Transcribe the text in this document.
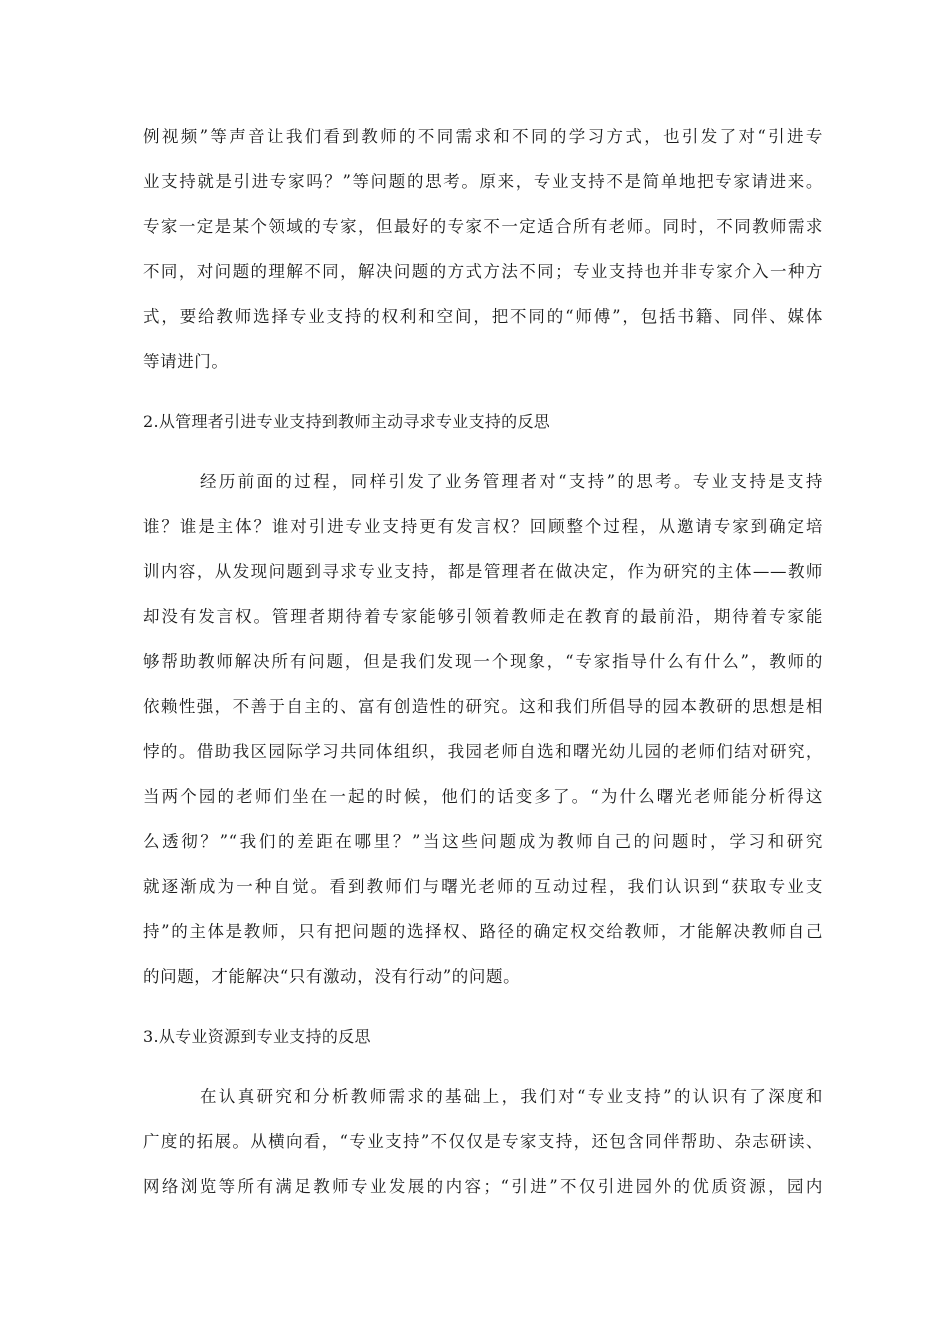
例视频”等声音让我们看到教师的不同需求和不同的学习方式，也引发了对“引进专
业支持就是引进专家吗？”等问题的思考。原来，专业支持不是简单地把专家请进来。
专家一定是某个领域的专家，但最好的专家不一定适合所有老师。同时，不同教师需求
不同，对问题的理解不同，解决问题的方式方法不同；专业支持也并非专家介入一种方
式，要给教师选择专业支持的权利和空间，把不同的“师傅”，包括书籍、同伴、媒体
等请进门。
2.从管理者引进专业支持到教师主动寻求专业支持的反思
经历前面的过程，同样引发了业务管理者对“支持”的思考。专业支持是支持
谁？谁是主体？谁对引进专业支持更有发言权？回顾整个过程，从邀请专家到确定培
训内容，从发现问题到寻求专业支持，都是管理者在做决定，作为研究的主体——教师
却没有发言权。管理者期待着专家能够引领着教师走在教育的最前沿，期待着专家能
够帮助教师解决所有问题，但是我们发现一个现象，“专家指导什么有什么”，教师的
依赖性强，不善于自主的、富有创造性的研究。这和我们所倡导的园本教研的思想是相
悖的。借助我区园际学习共同体组织，我园老师自选和曙光幼儿园的老师们结对研究，
当两个园的老师们坐在一起的时候，他们的话变多了。“为什么曙光老师能分析得这
么透彻？”“我们的差距在哪里？”当这些问题成为教师自己的问题时，学习和研究
就逐渐成为一种自觉。看到教师们与曙光老师的互动过程，我们认识到“获取专业支
持”的主体是教师，只有把问题的选择权、路径的确定权交给教师，才能解决教师自己
的问题，才能解决“只有激动，没有行动”的问题。
3.从专业资源到专业支持的反思
在认真研究和分析教师需求的基础上，我们对“专业支持”的认识有了深度和
广度的拓展。从横向看，“专业支持”不仅仅是专家支持，还包含同伴帮助、杂志研读、
网络浏览等所有满足教师专业发展的内容；“引进”不仅引进园外的优质资源，园内
